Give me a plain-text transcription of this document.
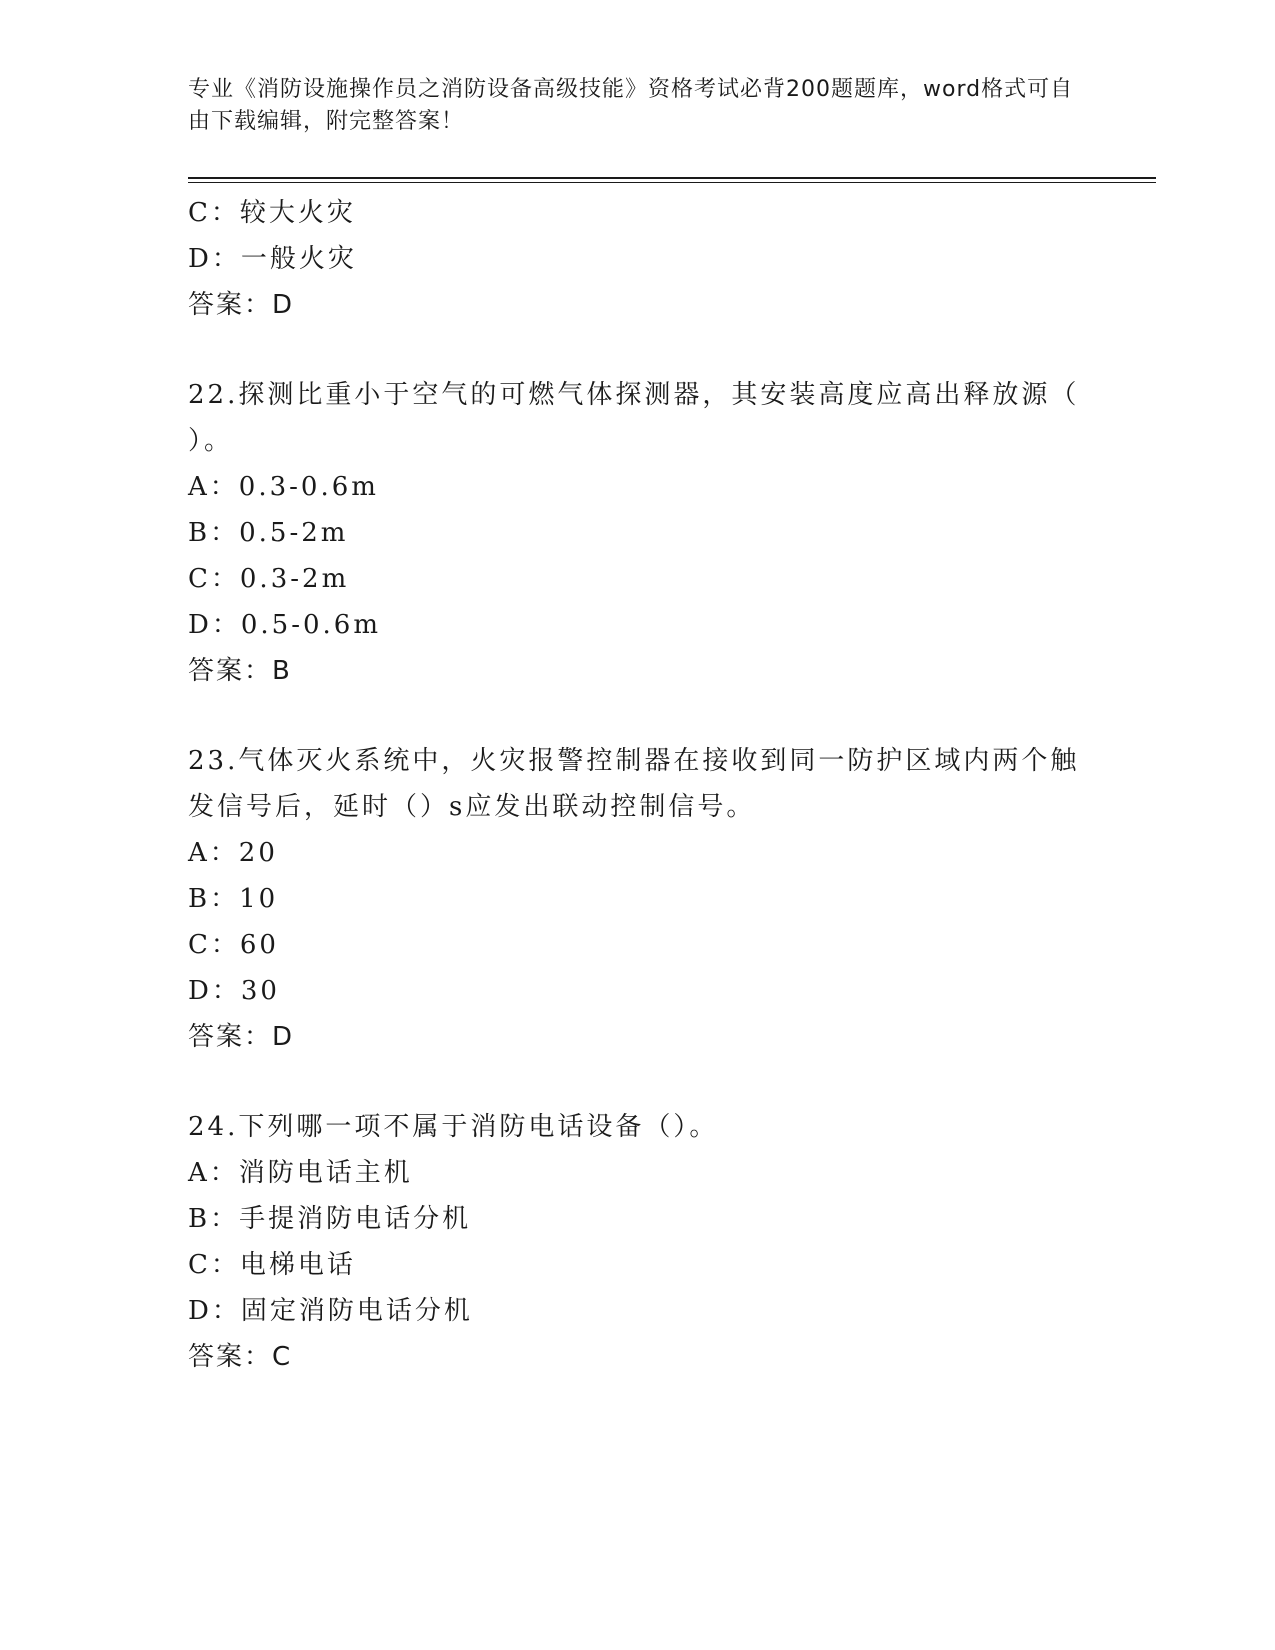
专业《消防设施操作员之消防设备高级技能》资格考试必背200题题库，word格式可自由下载编辑，附完整答案！
C：较大火灾
D：一般火灾
答案：D
22.探测比重小于空气的可燃气体探测器，其安装高度应高出释放源（
）。
A：0.3-0.6m
B：0.5-2m
C：0.3-2m
D：0.5-0.6m
答案：B
23.气体灭火系统中，火灾报警控制器在接收到同一防护区域内两个触
发信号后，延时（）s应发出联动控制信号。
A：20
B：10
C：60
D：30
答案：D
24.下列哪一项不属于消防电话设备（）。
A：消防电话主机
B：手提消防电话分机
C：电梯电话
D：固定消防电话分机
答案：C
